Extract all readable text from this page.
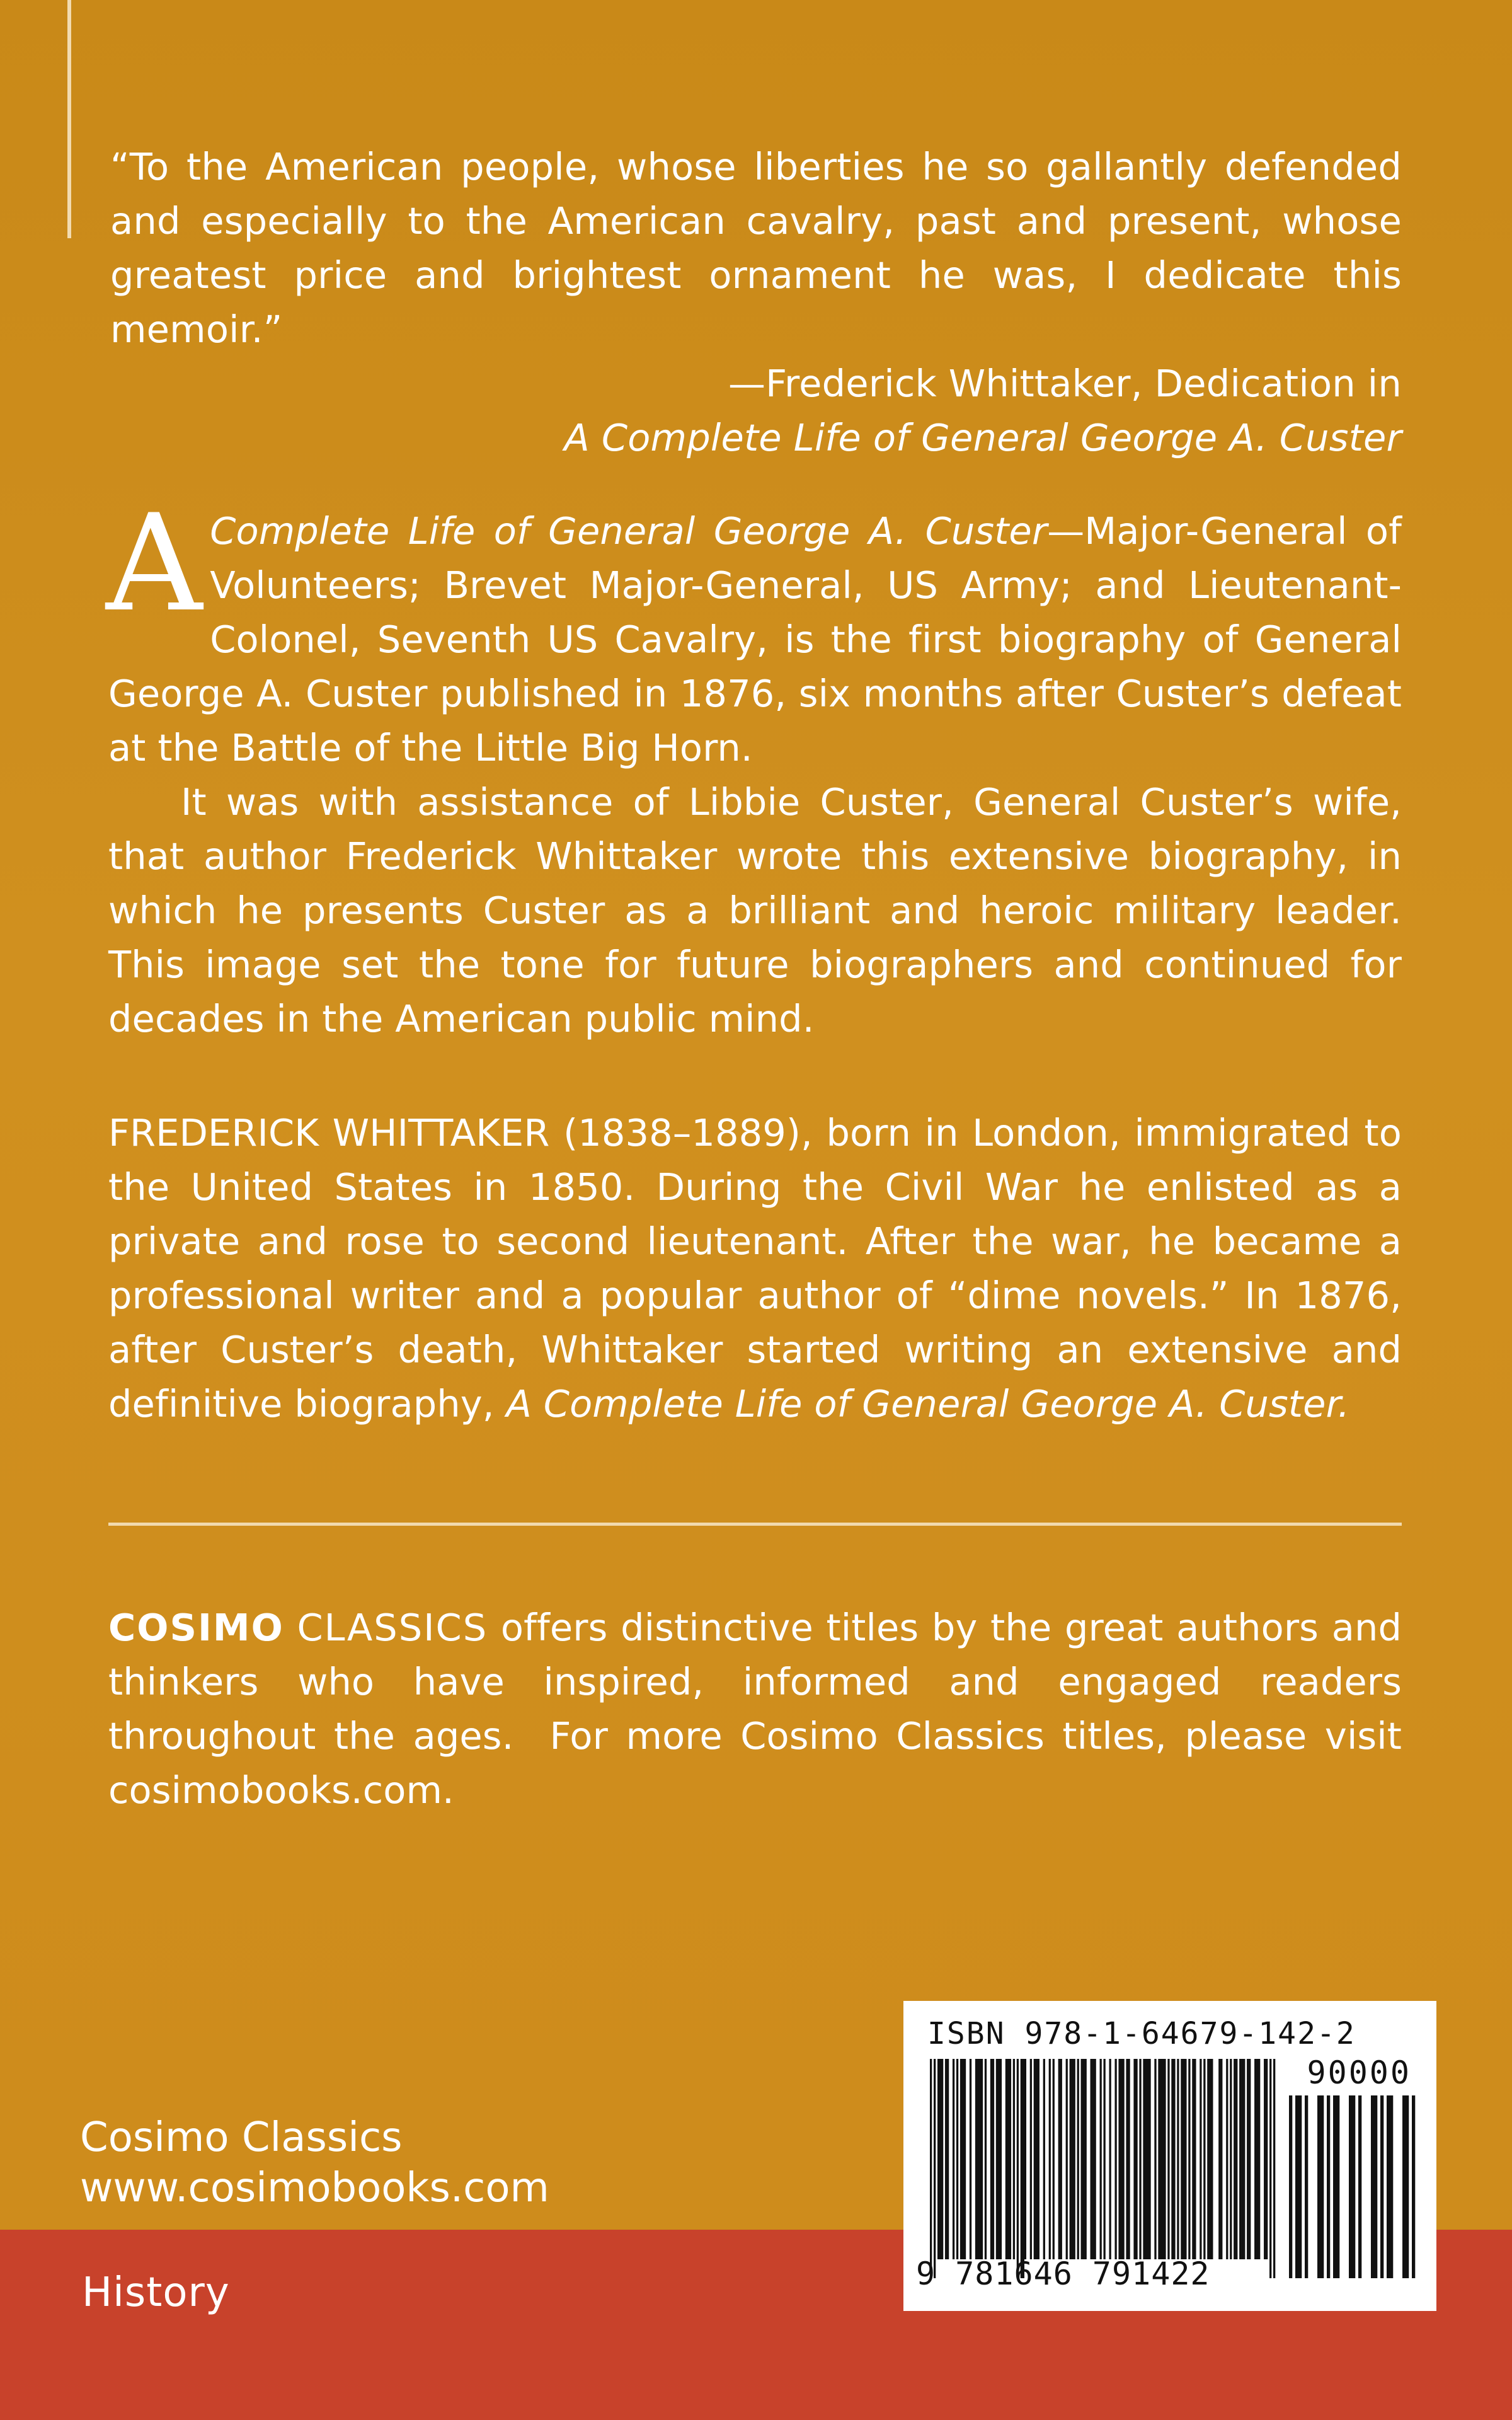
“To the American people, whose liberties he so gallantly defended and especially to the American cavalry, past and present, whose greatest price and brightest ornament he was, I dedicate this memoir.”
—Frederick Whittaker, Dedication in
A Complete Life of General George A. Custer

A Complete Life of General George A. Custer—Major-General of Volunteers; Brevet Major-General, US Army; and Lieutenant-Colonel, Seventh US Cavalry, is the first biography of General George A. Custer published in 1876, six months after Custer’s defeat at the Battle of the Little Big Horn.

It was with assistance of Libbie Custer, General Custer’s wife, that author Frederick Whittaker wrote this extensive biography, in which he presents Custer as a brilliant and heroic military leader. This image set the tone for future biographers and continued for decades in the American public mind.

FREDERICK WHITTAKER (1838–1889), born in London, immigrated to the United States in 1850. During the Civil War he enlisted as a private and rose to second lieutenant. After the war, he became a professional writer and a popular author of “dime novels.” In 1876, after Custer’s death, Whittaker started writing an extensive and definitive biography, A Complete Life of General George A. Custer.

COSIMO CLASSICS offers distinctive titles by the great authors and thinkers who have inspired, informed and engaged readers throughout the ages.  For more Cosimo Classics titles, please visit cosimobooks.com.

Cosimo Classics
www.cosimobooks.com
History
ISBN 978-1-64679-142-2
90000
9 781646 791422
